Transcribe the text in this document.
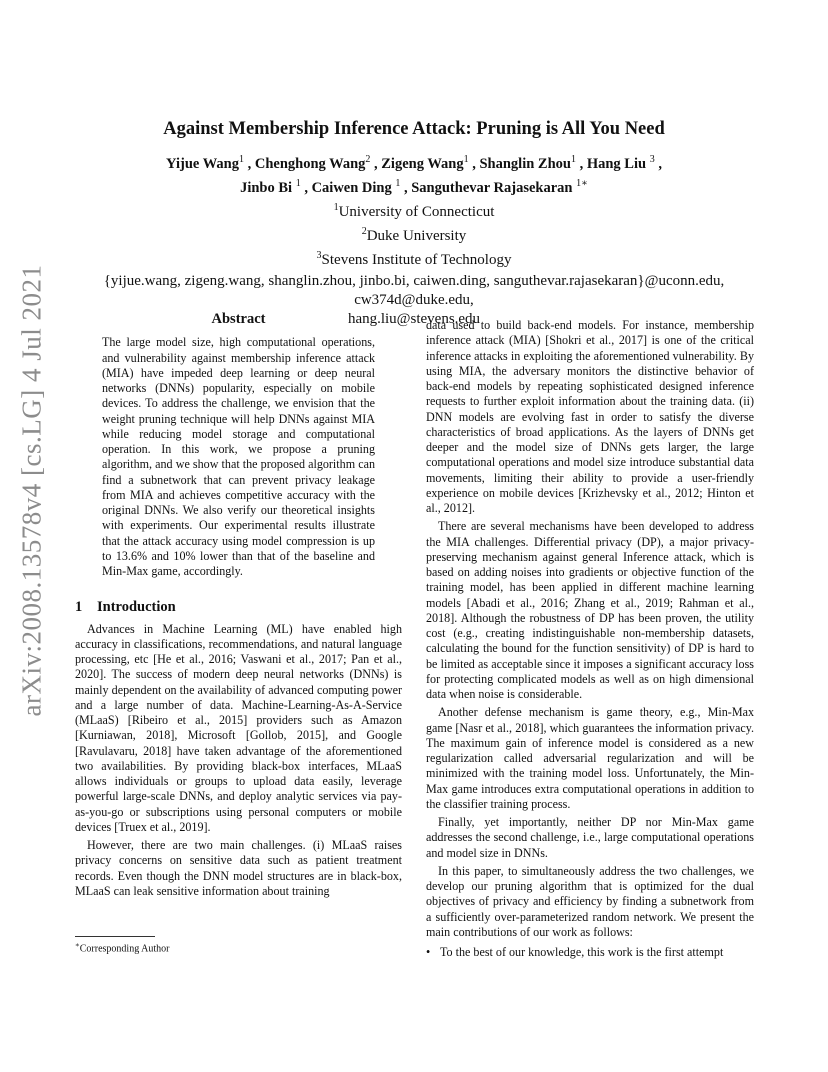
arXiv:2008.13578v4 [cs.LG] 4 Jul 2021
Against Membership Inference Attack: Pruning is All You Need
Yijue Wang$^1$ , Chenghong Wang$^2$ , Zigeng Wang$^1$ , Shanglin Zhou$^1$ , Hang Liu $^3$ ,
Jinbo Bi $^1$ , Caiwen Ding $^1$ , Sanguthevar Rajasekaran $^{1∗}$
$^1$University of Connecticut
$^2$Duke University
$^3$Stevens Institute of Technology
{yijue.wang, zigeng.wang, shanglin.zhou, jinbo.bi, caiwen.ding, sanguthevar.rajasekaran}@uconn.edu,
cw374d@duke.edu,
hang.liu@stevens.edu
Abstract

The large model size, high computational operations, and vulnerability against membership inference attack (MIA) have impeded deep learning or deep neural networks (DNNs) popularity, especially on mobile devices. To address the challenge, we envision that the weight pruning technique will help DNNs against MIA while reducing model storage and computational operation. In this work, we propose a pruning algorithm, and we show that the proposed algorithm can find a subnetwork that can prevent privacy leakage from MIA and achieves competitive accuracy with the original DNNs. We also verify our theoretical insights with experiments. Our experimental results illustrate that the attack accuracy using model compression is up to 13.6% and 10% lower than that of the baseline and Min-Max game, accordingly.

1 Introduction

Advances in Machine Learning (ML) have enabled high accuracy in classifications, recommendations, and natural language processing, etc [He et al., 2016; Vaswani et al., 2017; Pan et al., 2020]. The success of modern deep neural networks (DNNs) is mainly dependent on the availability of advanced computing power and a large number of data. Machine-Learning-As-A-Service (MLaaS) [Ribeiro et al., 2015] providers such as Amazon [Kurniawan, 2018], Microsoft [Gollob, 2015], and Google [Ravulavaru, 2018] have taken advantage of the aforementioned two availabilities. By providing black-box interfaces, MLaaS allows individuals or groups to upload data easily, leverage powerful large-scale DNNs, and deploy analytic services via pay-as-you-go or subscriptions using personal computers or mobile devices [Truex et al., 2019].

However, there are two main challenges. (i) MLaaS raises privacy concerns on sensitive data such as patient treatment records. Even though the DNN model structures are in black-box, MLaaS can leak sensitive information about training

∗Corresponding Author

data used to build back-end models. For instance, membership inference attack (MIA) [Shokri et al., 2017] is one of the critical inference attacks in exploiting the aforementioned vulnerability. By using MIA, the adversary monitors the distinctive behavior of back-end models by repeating sophisticated designed inference requests to further exploit information about the training data. (ii) DNN models are evolving fast in order to satisfy the diverse characteristics of broad applications. As the layers of DNNs get deeper and the model size of DNNs gets larger, the large computational operations and model size introduce substantial data movements, limiting their ability to provide a user-friendly experience on mobile devices [Krizhevsky et al., 2012; Hinton et al., 2012].

There are several mechanisms have been developed to address the MIA challenges. Differential privacy (DP), a major privacy-preserving mechanism against general Inference attack, which is based on adding noises into gradients or objective function of the training model, has been applied in different machine learning models [Abadi et al., 2016; Zhang et al., 2019; Rahman et al., 2018]. Although the robustness of DP has been proven, the utility cost (e.g., creating indistinguishable non-membership datasets, calculating the bound for the function sensitivity) of DP is hard to be limited as acceptable since it imposes a significant accuracy loss for protecting complicated models as well as on high dimensional data when noise is considerable.

Another defense mechanism is game theory, e.g., Min-Max game [Nasr et al., 2018], which guarantees the information privacy. The maximum gain of inference model is considered as a new regularization called adversarial regularization and will be minimized with the training model loss. Unfortunately, the Min-Max game introduces extra computational operations in addition to the classifier training process.

Finally, yet importantly, neither DP nor Min-Max game addresses the second challenge, i.e., large computational operations and model size in DNNs.

In this paper, to simultaneously address the two challenges, we develop our pruning algorithm that is optimized for the dual objectives of privacy and efficiency by finding a subnetwork from a sufficiently over-parameterized random network. We present the main contributions of our work as follows:

• To the best of our knowledge, this work is the first attempt
